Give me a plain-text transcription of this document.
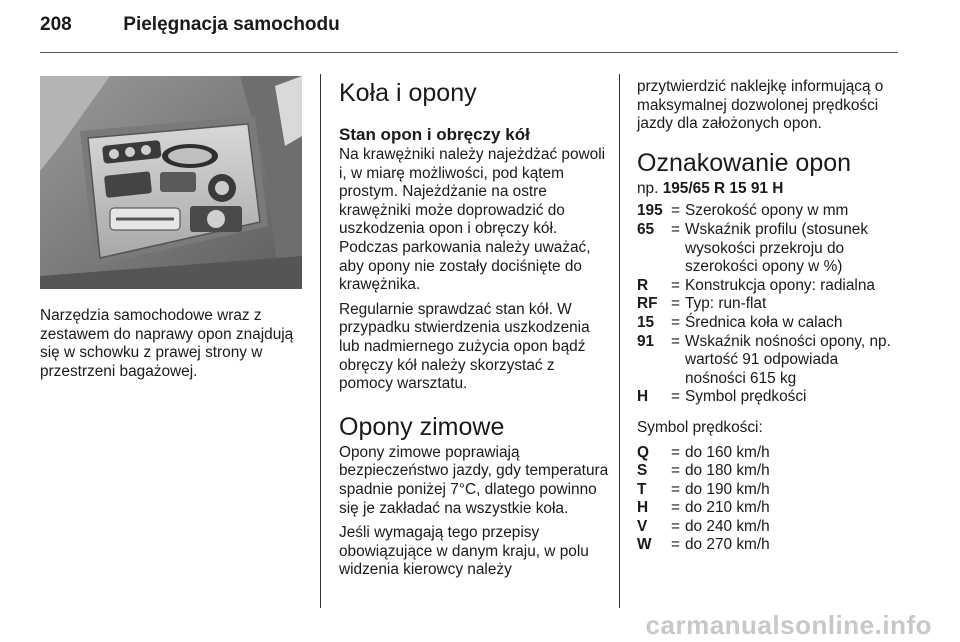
208	Pielęgnacja samochodu
Narzędzia samochodowe wraz z zestawem do naprawy opon znajdują się w schowku z prawej strony w przestrzeni bagażowej.
Koła i opony
Stan opon i obręczy kół

Na krawężniki należy najeżdżać powoli i, w miarę możliwości, pod kątem prostym. Najeżdżanie na ostre krawężniki może doprowadzić do uszkodzenia opon i obręczy kół. Podczas parkowania należy uważać, aby opony nie zostały dociśnięte do krawężnika.

Regularnie sprawdzać stan kół. W przypadku stwierdzenia uszkodzenia lub nadmiernego zużycia opon bądź obręczy kół należy skorzystać z pomocy warsztatu.

Opony zimowe

Opony zimowe poprawiają bezpieczeństwo jazdy, gdy temperatura spadnie poniżej 7°C, dlatego powinno się je zakładać na wszystkie koła.

Jeśli wymagają tego przepisy obowiązujące w danym kraju, w polu widzenia kierowcy należy

przytwierdzić naklejkę informującą o maksymalnej dozwolonej prędkości jazdy dla założonych opon.

Oznakowanie opon

np. 195/65 R 15 91 H

195 = Szerokość opony w mm
65	= Wskaźnik profilu (stosunek wysokości przekroju do szerokości opony w %)
R	= Konstrukcja opony: radialna
RF = Typ: run-flat
15	= Średnica koła w calach
91	= Wskaźnik nośności opony, np. wartość 91 odpowiada nośności 615 kg
H	= Symbol prędkości

Symbol prędkości:

Q	= do 160 km/h
S	= do 180 km/h
T	= do 190 km/h
H	= do 210 km/h
V	= do 240 km/h
W	= do 270 km/h
carmanualsonline.info
